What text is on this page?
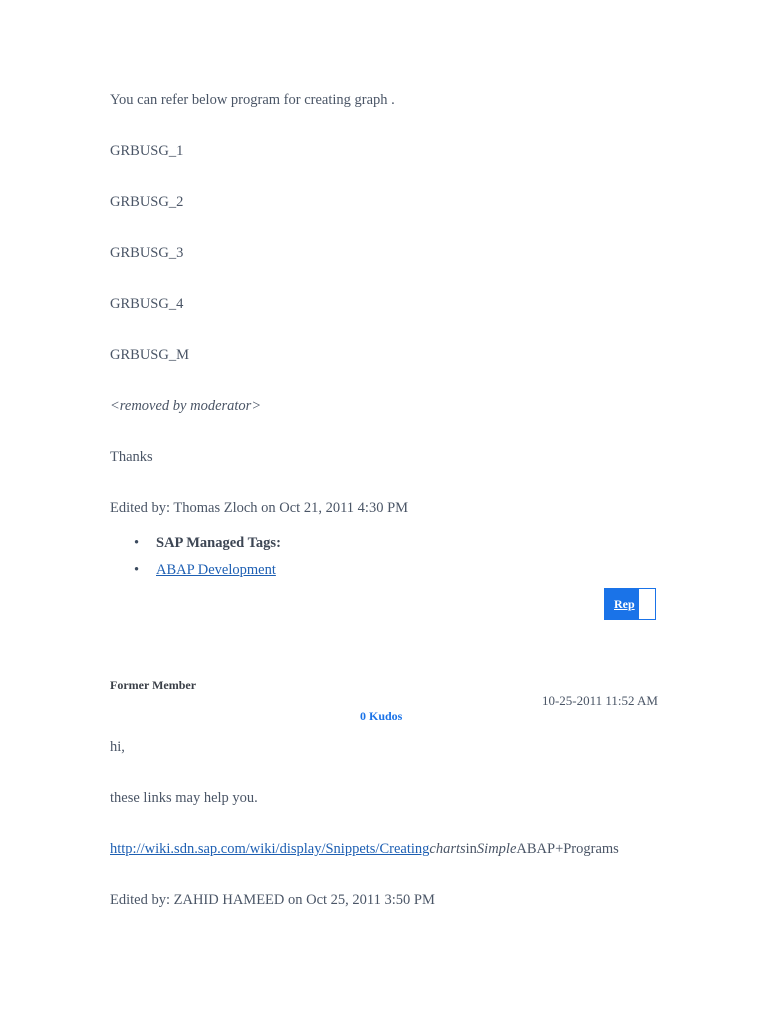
You can refer below program for creating graph .

GRBUSG_1

GRBUSG_2

GRBUSG_3

GRBUSG_4

GRBUSG_M

<removed by moderator>

Thanks

Edited by: Thomas Zloch on Oct 21, 2011 4:30 PM

• SAP Managed Tags:
• ABAP Development
Rep
Former Member
10-25-2011 11:52 AM
0 Kudos

hi,

these links may help you.

http://wiki.sdn.sap.com/wiki/display/Snippets/CreatingchartsinSimpleABAP+Programs

Edited by: ZAHID HAMEED on Oct 25, 2011 3:50 PM
